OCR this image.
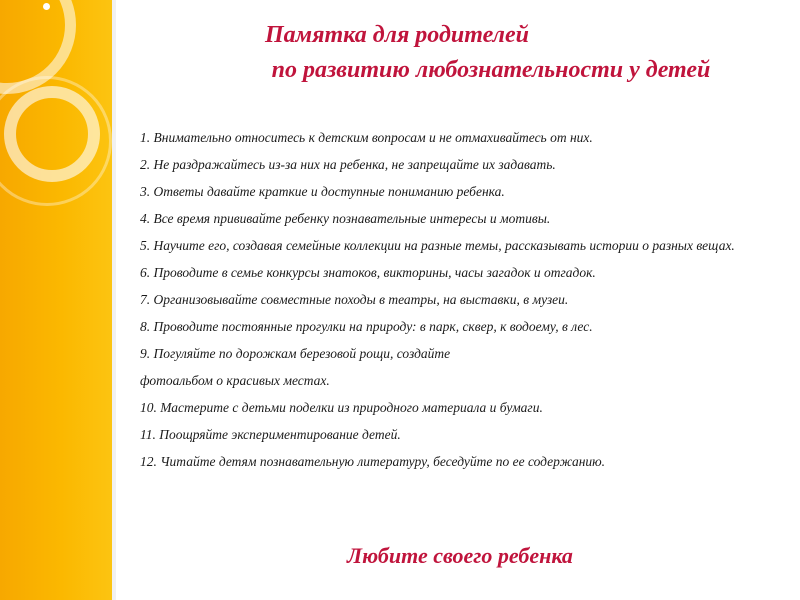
Памятка для родителей
по развитию любознательности у детей
1. Внимательно относитесь к детским вопросам и не отмахивайтесь от них.
2. Не раздражайтесь из-за них на ребенка, не запрещайте их задавать.
3. Ответы давайте краткие и доступные пониманию ребенка.
4. Все время прививайте ребенку познавательные интересы и мотивы.
5. Научите его, создавая семейные коллекции на разные темы, рассказывать истории о разных вещах.
6. Проводите в семье конкурсы знатоков, викторины, часы загадок и отгадок.
7. Организовывайте совместные походы в театры, на выставки, в музеи.
8. Проводите постоянные прогулки на природу: в парк, сквер, к водоему, в лес.
9. Погуляйте по дорожкам березовой рощи, создайте
фотоальбом о красивых местах.
10. Мастерите с детьми поделки из природного материала и бумаги.
11. Поощряйте экспериментирование детей.
12. Читайте детям познавательную литературу, беседуйте по ее содержанию.
Любите своего ребенка
